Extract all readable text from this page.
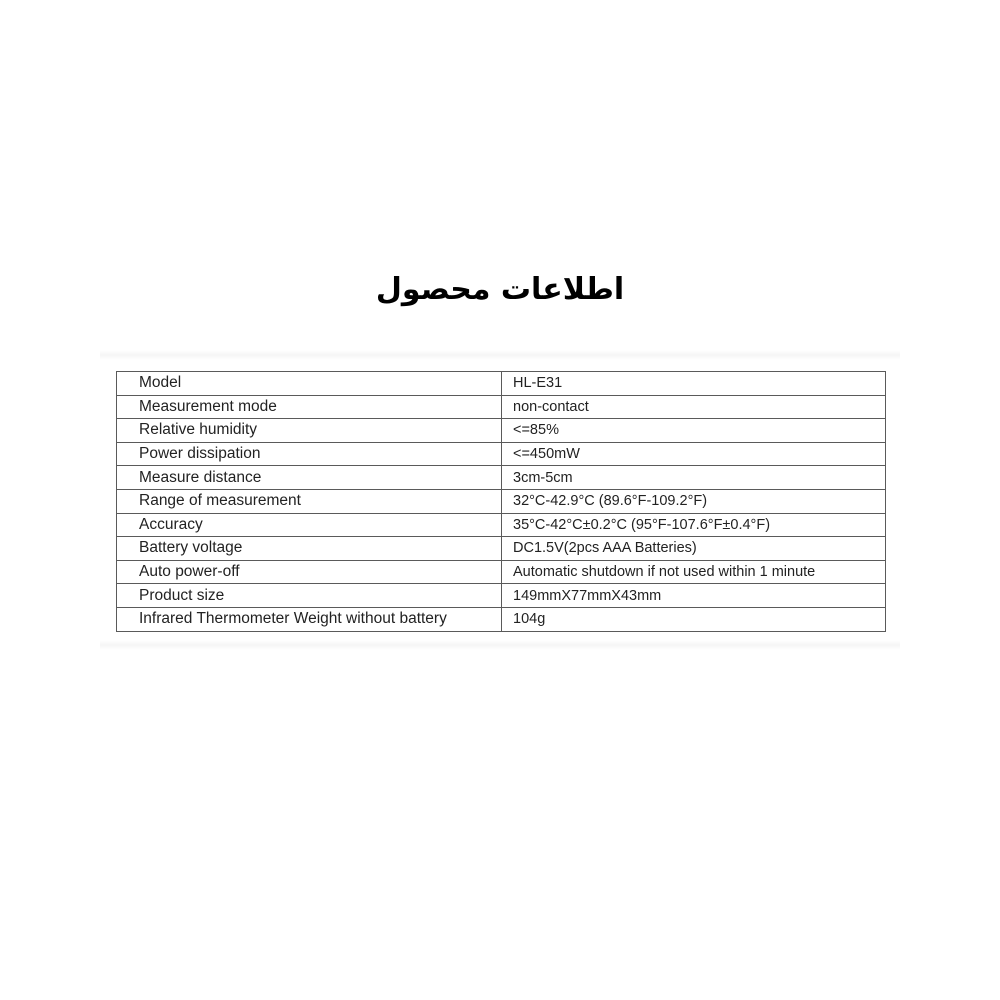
اطلاعات محصول
Model	HL-E31
Measurement mode	non-contact
Relative humidity	<=85%
Power dissipation	<=450mW
Measure distance	3cm-5cm
Range of measurement	32°C-42.9°C (89.6°F-109.2°F)
Accuracy	35°C-42°C±0.2°C (95°F-107.6°F±0.4°F)
Battery voltage	DC1.5V(2pcs AAA Batteries)
Auto power-off	Automatic shutdown if not used within 1 minute
Product size	149mmX77mmX43mm
Infrared Thermometer Weight without battery	104g
